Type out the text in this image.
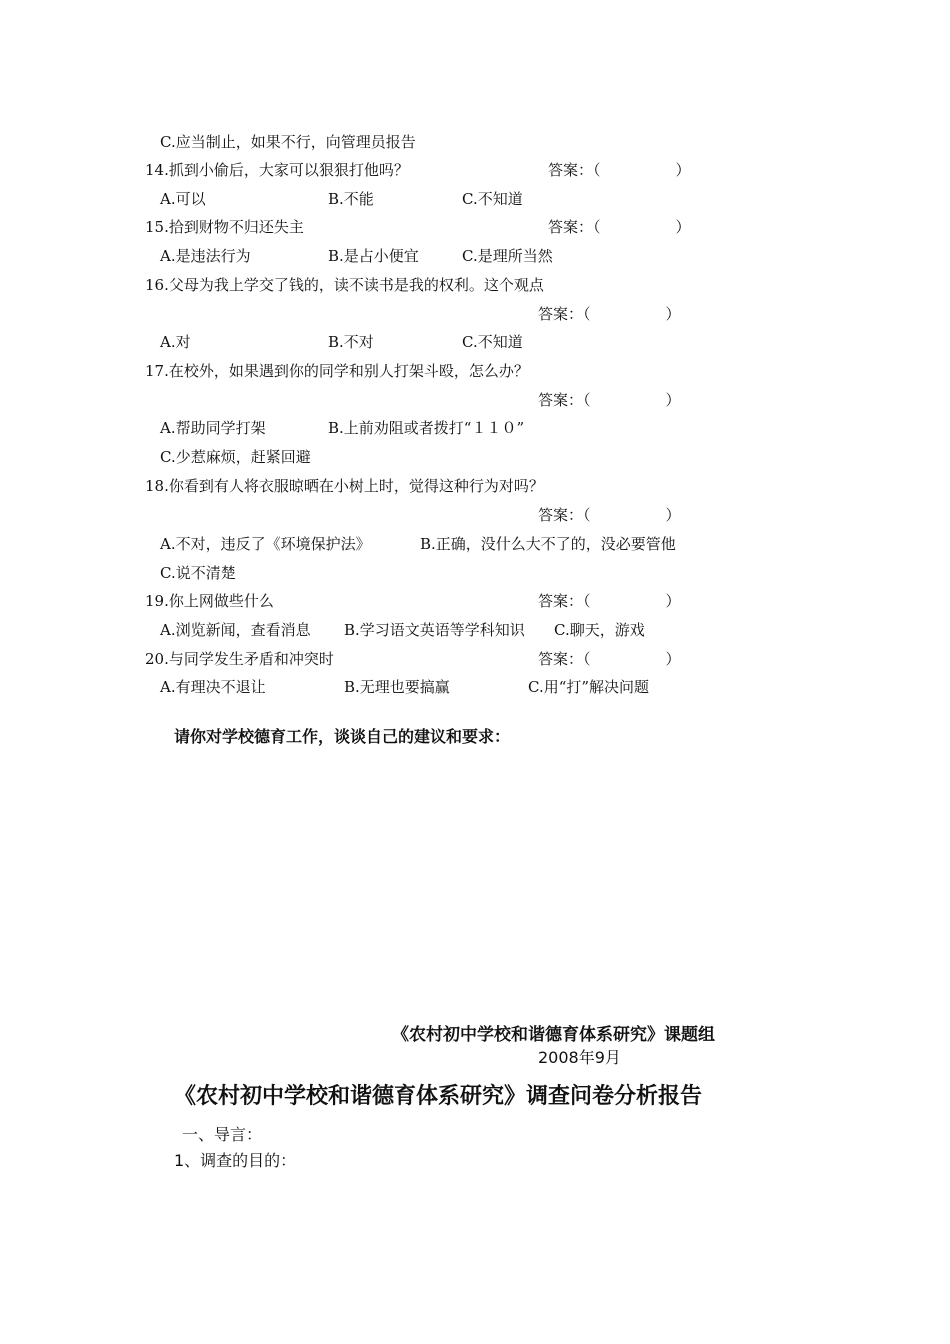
C.应当制止，如果不行，向管理员报告
14.抓到小偷后，大家可以狠狠打他吗？	答案：（　　　　　）
A.可以	B.不能	C.不知道
15.拾到财物不归还失主	答案：（　　　　　）
A.是违法行为	B.是占小便宜	C.是理所当然
16.父母为我上学交了钱的，读不读书是我的权利。这个观点
答案：（　　　　　）
A.对	B.不对	C.不知道
17.在校外，如果遇到你的同学和别人打架斗殴，怎么办？
答案：（　　　　　）
A.帮助同学打架	B.上前劝阻或者拨打“１１０”
C.少惹麻烦，赶紧回避
18.你看到有人将衣服晾晒在小树上时，觉得这种行为对吗？
答案：（　　　　　）
A.不对，违反了《环境保护法》	B.正确，没什么大不了的，没必要管他
C.说不清楚
19.你上网做些什么	答案：（　　　　　）
A.浏览新闻，查看消息 B.学习语文英语等学科知识 C.聊天，游戏
20.与同学发生矛盾和冲突时	答案：（　　　　　）
A.有理决不退让	B.无理也要搞赢	C.用“打”解决问题
请你对学校德育工作，谈谈自己的建议和要求：
《农村初中学校和谐德育体系研究》课题组
2008年9月
《农村初中学校和谐德育体系研究》调查问卷分析报告
一、导言：
1、调查的目的：
